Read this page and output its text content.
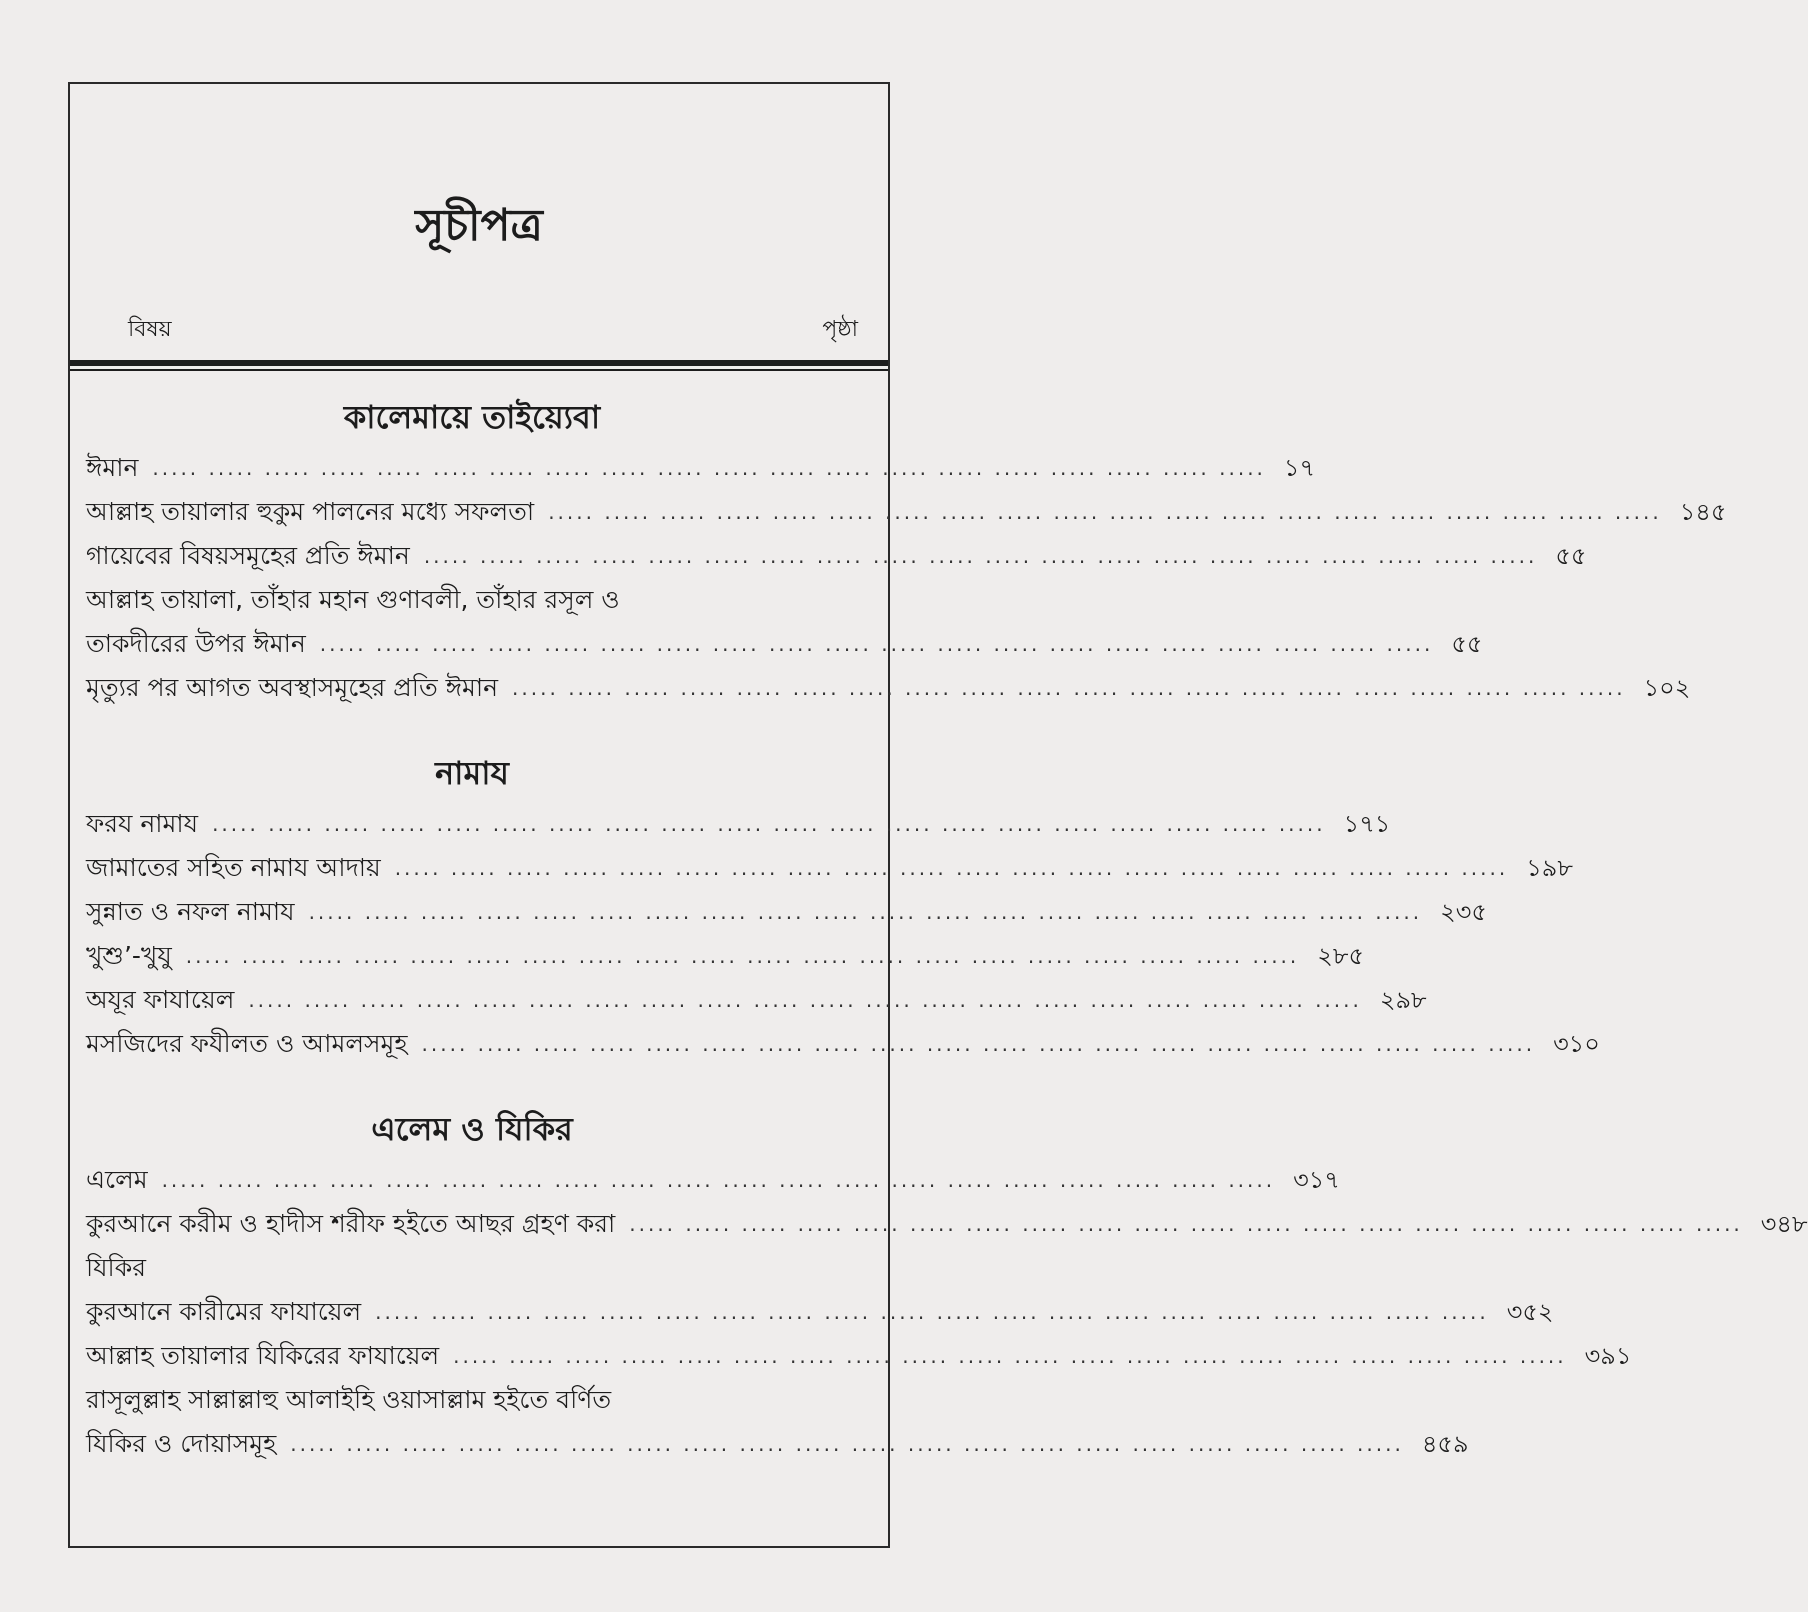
সূচীপত্র
বিষয়	পৃষ্ঠা
কালেমায়ে তাইয়্যেবা
ঈমান ..... ..... ..... ..... ..... ..... ..... ..... ..... ..... ..... ..... ..... ..... ..... ..... ..... ..... ..... ..... ১৭
আল্লাহ তায়ালার হুকুম পালনের মধ্যে সফলতা ..... ..... ..... ..... ..... ..... ..... ..... ..... ..... ..... ..... ..... ..... ..... ..... ..... ..... ..... ..... ১৪৫
গায়েবের বিষয়সমূহের প্রতি ঈমান ..... ..... ..... ..... ..... ..... ..... ..... ..... ..... ..... ..... ..... ..... ..... ..... ..... ..... ..... ..... ৫৫
আল্লাহ তায়ালা, তাঁহার মহান গুণাবলী, তাঁহার রসূল ও
তাকদীরের উপর ঈমান ..... ..... ..... ..... ..... ..... ..... ..... ..... ..... ..... ..... ..... ..... ..... ..... ..... ..... ..... ..... ৫৫
মৃত্যুর পর আগত অবস্থাসমূহের প্রতি ঈমান ..... ..... ..... ..... ..... ..... ..... ..... ..... ..... ..... ..... ..... ..... ..... ..... ..... ..... ..... ..... ১০২
নামায
ফরয নামায ..... ..... ..... ..... ..... ..... ..... ..... ..... ..... ..... ..... ..... ..... ..... ..... ..... ..... ..... ..... ১৭১
জামাতের সহিত নামায আদায় ..... ..... ..... ..... ..... ..... ..... ..... ..... ..... ..... ..... ..... ..... ..... ..... ..... ..... ..... ..... ১৯৮
সুন্নাত ও নফল নামায ..... ..... ..... ..... ..... ..... ..... ..... ..... ..... ..... ..... ..... ..... ..... ..... ..... ..... ..... ..... ২৩৫
খুশু’-খুযু ..... ..... ..... ..... ..... ..... ..... ..... ..... ..... ..... ..... ..... ..... ..... ..... ..... ..... ..... ..... ২৮৫
অযূর ফাযায়েল ..... ..... ..... ..... ..... ..... ..... ..... ..... ..... ..... ..... ..... ..... ..... ..... ..... ..... ..... ..... ২৯৮
মসজিদের ফযীলত ও আমলসমূহ ..... ..... ..... ..... ..... ..... ..... ..... ..... ..... ..... ..... ..... ..... ..... ..... ..... ..... ..... ..... ৩১০
এলেম ও যিকির
এলেম ..... ..... ..... ..... ..... ..... ..... ..... ..... ..... ..... ..... ..... ..... ..... ..... ..... ..... ..... ..... ৩১৭
কুরআনে করীম ও হাদীস শরীফ হইতে আছর গ্রহণ করা ..... ..... ..... ..... ..... ..... ..... ..... ..... ..... ..... ..... ..... ..... ..... ..... ..... ..... ..... ..... ৩৪৮
যিকির
কুরআনে কারীমের ফাযায়েল ..... ..... ..... ..... ..... ..... ..... ..... ..... ..... ..... ..... ..... ..... ..... ..... ..... ..... ..... ..... ৩৫২
আল্লাহ তায়ালার যিকিরের ফাযায়েল ..... ..... ..... ..... ..... ..... ..... ..... ..... ..... ..... ..... ..... ..... ..... ..... ..... ..... ..... ..... ৩৯১
রাসূলুল্লাহ সাল্লাল্লাহু আলাইহি ওয়াসাল্লাম হইতে বর্ণিত
যিকির ও দোয়াসমূহ ..... ..... ..... ..... ..... ..... ..... ..... ..... ..... ..... ..... ..... ..... ..... ..... ..... ..... ..... ..... ৪৫৯
